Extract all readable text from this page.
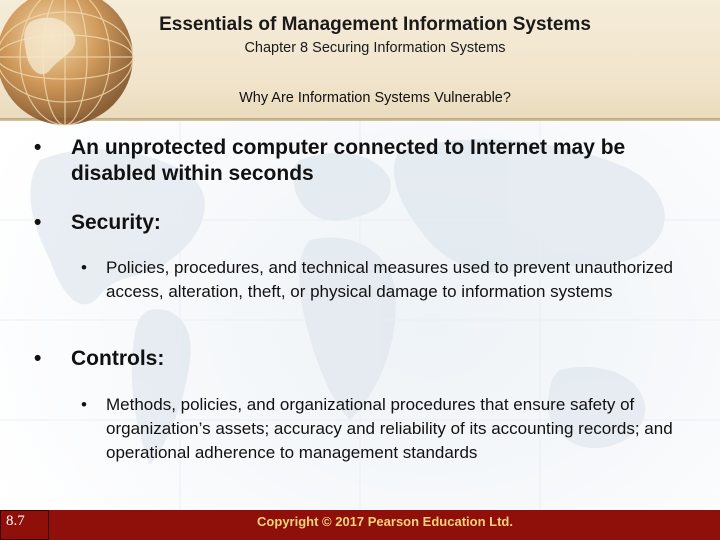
Essentials of Management Information Systems
Chapter 8 Securing Information Systems
Why Are Information Systems Vulnerable?
• An unprotected computer connected to Internet may be disabled within seconds
• Security:
• Policies, procedures, and technical measures used to prevent unauthorized access, alteration, theft, or physical damage to information systems
• Controls:
• Methods, policies, and organizational procedures that ensure safety of organization’s assets; accuracy and reliability of its accounting records; and operational adherence to management standards
8.7	Copyright © 2017 Pearson Education Ltd.
